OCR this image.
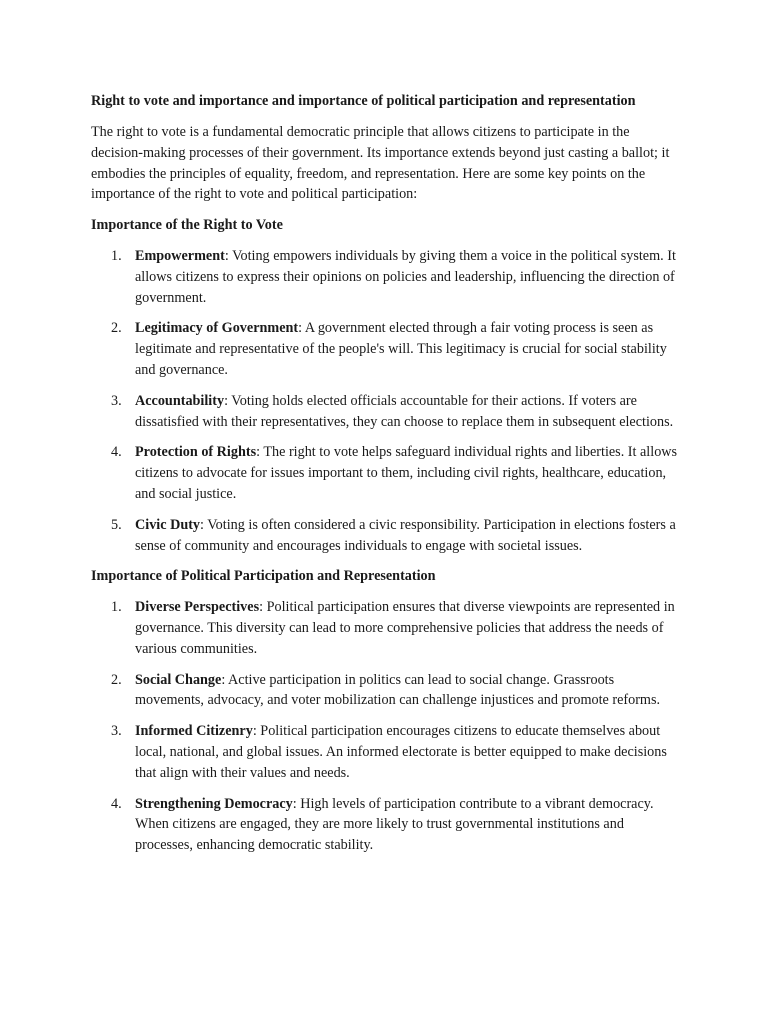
Right to vote and importance and importance of political participation and representation

The right to vote is a fundamental democratic principle that allows citizens to participate in the decision-making processes of their government. Its importance extends beyond just casting a ballot; it embodies the principles of equality, freedom, and representation. Here are some key points on the importance of the right to vote and political participation:

Importance of the Right to Vote
1. Empowerment: Voting empowers individuals by giving them a voice in the political system. It allows citizens to express their opinions on policies and leadership, influencing the direction of government.
2. Legitimacy of Government: A government elected through a fair voting process is seen as legitimate and representative of the people's will. This legitimacy is crucial for social stability and governance.
3. Accountability: Voting holds elected officials accountable for their actions. If voters are dissatisfied with their representatives, they can choose to replace them in subsequent elections.
4. Protection of Rights: The right to vote helps safeguard individual rights and liberties. It allows citizens to advocate for issues important to them, including civil rights, healthcare, education, and social justice.
5. Civic Duty: Voting is often considered a civic responsibility. Participation in elections fosters a sense of community and encourages individuals to engage with societal issues.
Importance of Political Participation and Representation
1. Diverse Perspectives: Political participation ensures that diverse viewpoints are represented in governance. This diversity can lead to more comprehensive policies that address the needs of various communities.
2. Social Change: Active participation in politics can lead to social change. Grassroots movements, advocacy, and voter mobilization can challenge injustices and promote reforms.
3. Informed Citizenry: Political participation encourages citizens to educate themselves about local, national, and global issues. An informed electorate is better equipped to make decisions that align with their values and needs.
4. Strengthening Democracy: High levels of participation contribute to a vibrant democracy. When citizens are engaged, they are more likely to trust governmental institutions and processes, enhancing democratic stability.
